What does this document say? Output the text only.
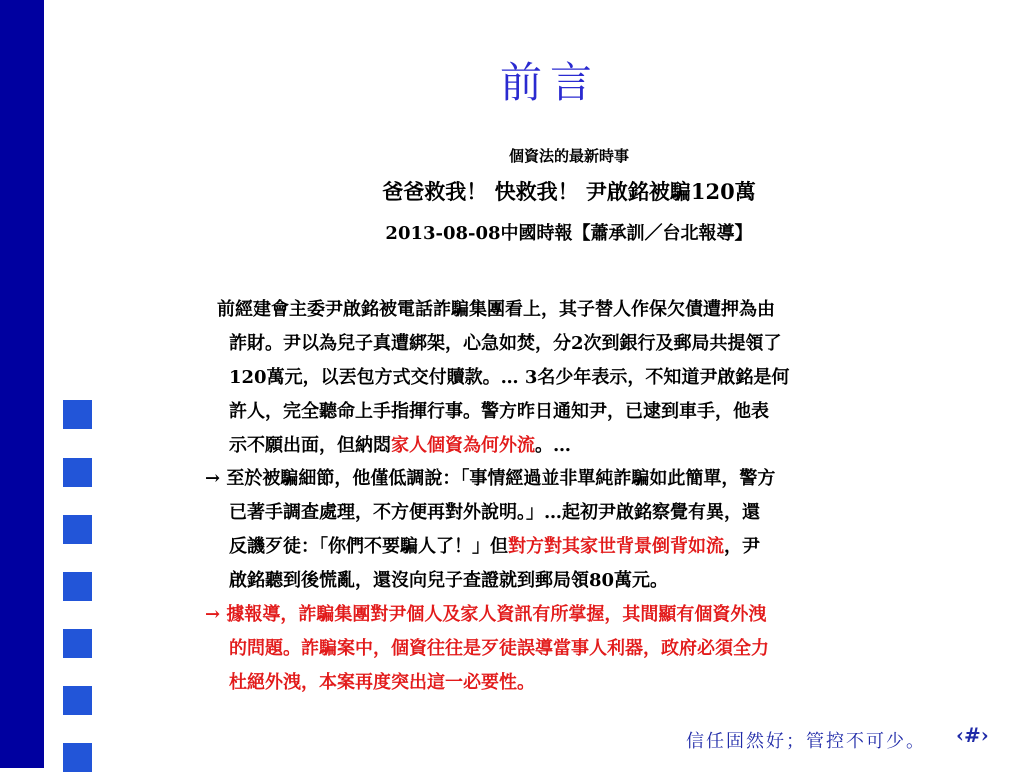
前言
個資法的最新時事
爸爸救我！ 快救我！ 尹啟銘被騙120萬
2013-08-08中國時報【蕭承訓／台北報導】
前經建會主委尹啟銘被電話詐騙集團看上，其子替人作保欠債遭押為由
詐財。尹以為兒子真遭綁架，心急如焚，分2次到銀行及郵局共提領了
120萬元，以丟包方式交付贖款。… 3名少年表示，不知道尹啟銘是何
許人，完全聽命上手指揮行事。警方昨日通知尹，已逮到車手，他表
示不願出面，但納悶家人個資為何外流。…
→ 至於被騙細節，他僅低調說：「事情經過並非單純詐騙如此簡單，警方
已著手調查處理，不方便再對外說明。」…起初尹啟銘察覺有異，還
反譏歹徒：「你們不要騙人了！」但對方對其家世背景倒背如流，尹
啟銘聽到後慌亂，還沒向兒子查證就到郵局領80萬元。
→ 據報導，詐騙集團對尹個人及家人資訊有所掌握，其間顯有個資外洩
的問題。詐騙案中，個資往往是歹徒誤導當事人利器，政府必須全力
杜絕外洩，本案再度突出這一必要性。
信任固然好；管控不可少。 ‹#›
